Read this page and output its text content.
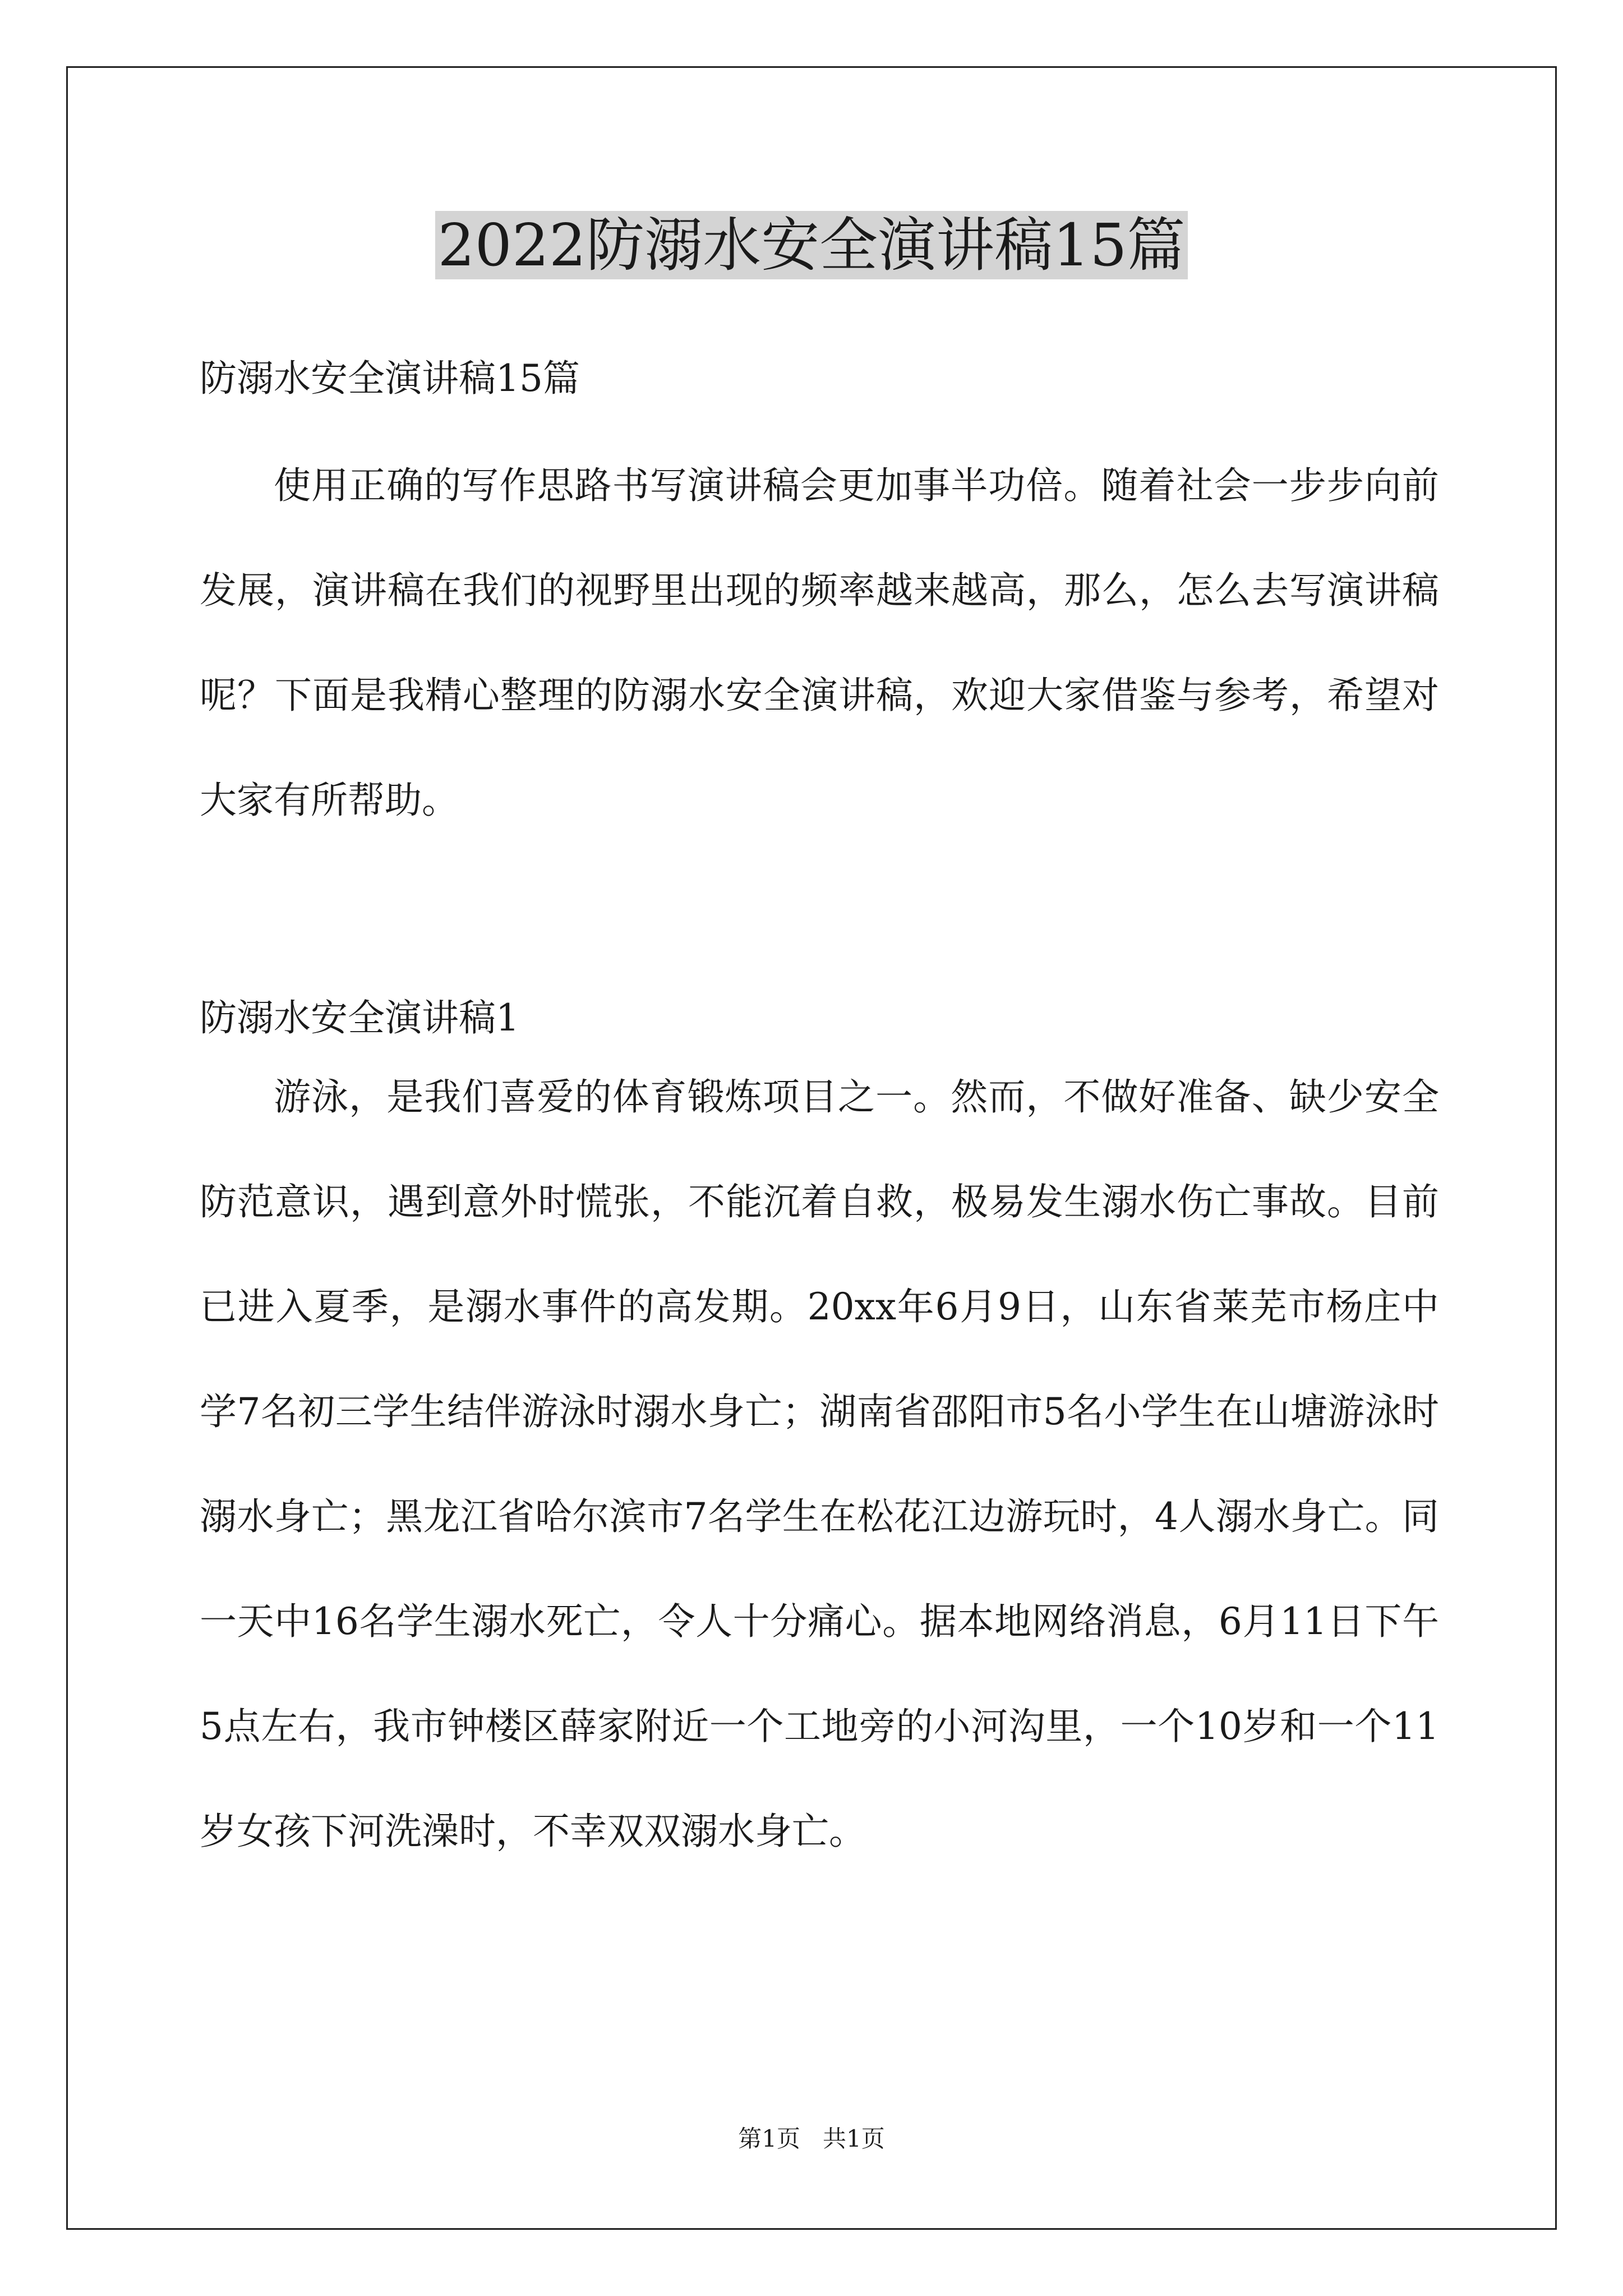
2022防溺水安全演讲稿15篇

防溺水安全演讲稿15篇

使用正确的写作思路书写演讲稿会更加事半功倍。随着社会一步步向前发展，演讲稿在我们的视野里出现的频率越来越高，那么，怎么去写演讲稿呢？下面是我精心整理的防溺水安全演讲稿，欢迎大家借鉴与参考，希望对大家有所帮助。

防溺水安全演讲稿1

游泳，是我们喜爱的体育锻炼项目之一。然而，不做好准备、缺少安全防范意识，遇到意外时慌张，不能沉着自救，极易发生溺水伤亡事故。目前已进入夏季，是溺水事件的高发期。20xx年6月9日，山东省莱芜市杨庄中学7名初三学生结伴游泳时溺水身亡；湖南省邵阳市5名小学生在山塘游泳时溺水身亡；黑龙江省哈尔滨市7名学生在松花江边游玩时，4人溺水身亡。同一天中16名学生溺水死亡，令人十分痛心。据本地网络消息，6月11日下午5点左右，我市钟楼区薛家附近一个工地旁的小河沟里，一个10岁和一个11岁女孩下河洗澡时，不幸双双溺水身亡。

第1页   共1页
